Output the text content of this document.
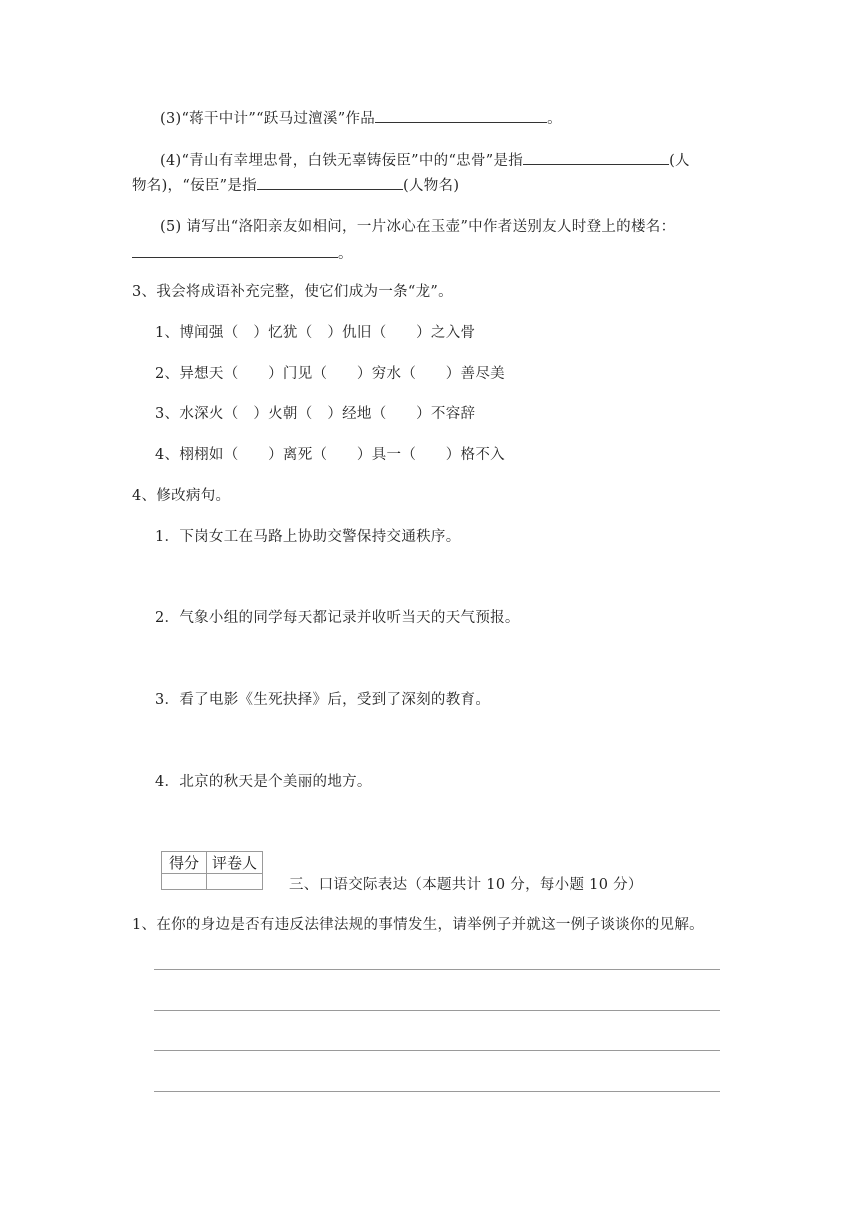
(3)“蒋干中计”“跃马过澶溪”作品	。
(4)“青山有幸埋忠骨，白铁无辜铸佞臣”中的“忠骨”是指	(人
物名)，“佞臣”是指	(人物名)
(5) 请写出“洛阳亲友如相问，一片冰心在玉壶”中作者送别友人时登上的楼名：
。
3、我会将成语补充完整，使它们成为一条“龙”。
1、博闻强（　）忆犹（　）仇旧（　　）之入骨
2、异想天（　　）门见（　　）穷水（　　）善尽美
3、水深火（　）火朝（　）经地（　　）不容辞
4、栩栩如（　　）离死（　　）具一（　　）格不入
4、修改病句。
1．下岗女工在马路上协助交警保持交通秩序。
2．气象小组的同学每天都记录并收听当天的天气预报。
3．看了电影《生死抉择》后，受到了深刻的教育。
4．北京的秋天是个美丽的地方。
得分	评卷人

三、口语交际表达（本题共计 10 分，每小题 10 分）
1、在你的身边是否有违反法律法规的事情发生，请举例子并就这一例子谈谈你的见解。
